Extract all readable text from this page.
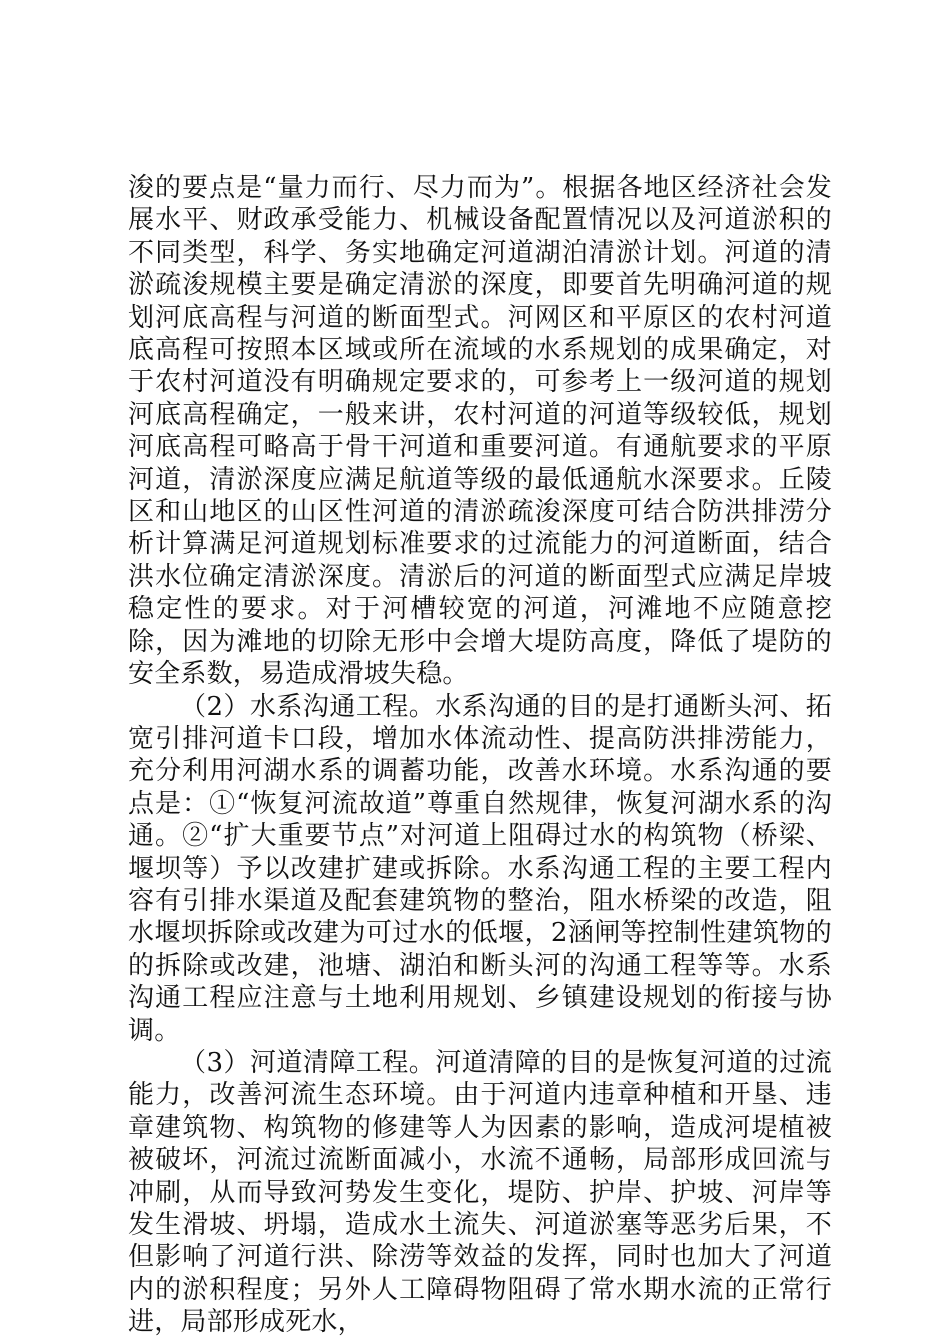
浚的要点是“量力而行、尽力而为”。根据各地区经济社会发展水平、财政承受能力、机械设备配置情况以及河道淤积的不同类型，科学、务实地确定河道湖泊清淤计划。河道的清淤疏浚规模主要是确定清淤的深度，即要首先明确河道的规划河底高程与河道的断面型式。河网区和平原区的农村河道底高程可按照本区域或所在流域的水系规划的成果确定，对于农村河道没有明确规定要求的，可参考上一级河道的规划河底高程确定，一般来讲，农村河道的河道等级较低，规划河底高程可略高于骨干河道和重要河道。有通航要求的平原河道，清淤深度应满足航道等级的最低通航水深要求。丘陵区和山地区的山区性河道的清淤疏浚深度可结合防洪排涝分析计算满足河道规划标准要求的过流能力的河道断面，结合洪水位确定清淤深度。清淤后的河道的断面型式应满足岸坡稳定性的要求。对于河槽较宽的河道，河滩地不应随意挖除，因为滩地的切除无形中会增大堤防高度，降低了堤防的安全系数，易造成滑坡失稳。

（2）水系沟通工程。水系沟通的目的是打通断头河、拓宽引排河道卡口段，增加水体流动性、提高防洪排涝能力，充分利用河湖水系的调蓄功能，改善水环境。水系沟通的要点是：①“恢复河流故道”尊重自然规律，恢复河湖水系的沟通。②“扩大重要节点”对河道上阻碍过水的构筑物（桥梁、堰坝等）予以改建扩建或拆除。水系沟通工程的主要工程内容有引排水渠道及配套建筑物的整治，阻水桥梁的改造，阻水堰坝拆除或改建为可过水的低堰，2涵闸等控制性建筑物的的拆除或改建，池塘、湖泊和断头河的沟通工程等等。水系沟通工程应注意与土地利用规划、乡镇建设规划的衔接与协调。

（3）河道清障工程。河道清障的目的是恢复河道的过流能力，改善河流生态环境。由于河道内违章种植和开垦、违章建筑物、构筑物的修建等人为因素的影响，造成河堤植被被破坏，河流过流断面减小，水流不通畅，局部形成回流与冲刷，从而导致河势发生变化，堤防、护岸、护坡、河岸等发生滑坡、坍塌，造成水土流失、河道淤塞等恶劣后果，不但影响了河道行洪、除涝等效益的发挥，同时也加大了河道内的淤积程度；另外人工障碍物阻碍了常水期水流的正常行进，局部形成死水，
